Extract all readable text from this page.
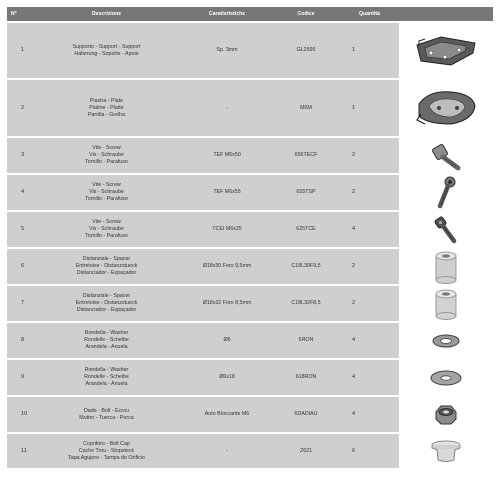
N°	Descrizione	Caratteristiche	Codice	Quantità	
1	Supporto - Support - Support
Halterung - Soporte - Apoio	Sp. 3mm	GL2595	1	

2	Piastra - Plate
Platine - Platte
Parrilla - Grelha	-	M6M	1	

3	Vite - Screw
Vis - Schraube
Tornillo - Parafuso	TEF M6x50	656TECF	2	

4	Vite - Screw
Vis - Schraube
Tornillo - Parafuso	TEF M6x55	655TSP	2	

5	Vite - Screw
Vis - Schraube
Tornillo - Parafuso	TCEI M6x25	625TCE	4	

6	Distanziale - Spacer
Entretoise - Distanzstueck
Distanciador - Espaçador	Ø18x30 Foro 9,5mm	C18L30F9,5	2	

7	Distanziale - Spacer
Entretoise - Distanzstueck
Distanciador - Espaçador	Ø18x32 Foro 8,5mm	C18L32F8,5	2	

8	Rondella - Washer
Rondelle - Scheibe
Arandela - Anuela	Ø6	6RON	4	

9	Rondella - Washer
Rondelle - Scheibe
Arandela - Anuela	Ø6x18	618RON	4	

10	Dado - Bolt - Ecrou
Mutter - Tuerca - Porca	Auto Bloccante M6	6DADIAU	4	

11	Copriforo - Bolt Cap
Cache Trou - Stopsteck
Tapa Agujero - Tampa de Orificio	-	Z621	6	
